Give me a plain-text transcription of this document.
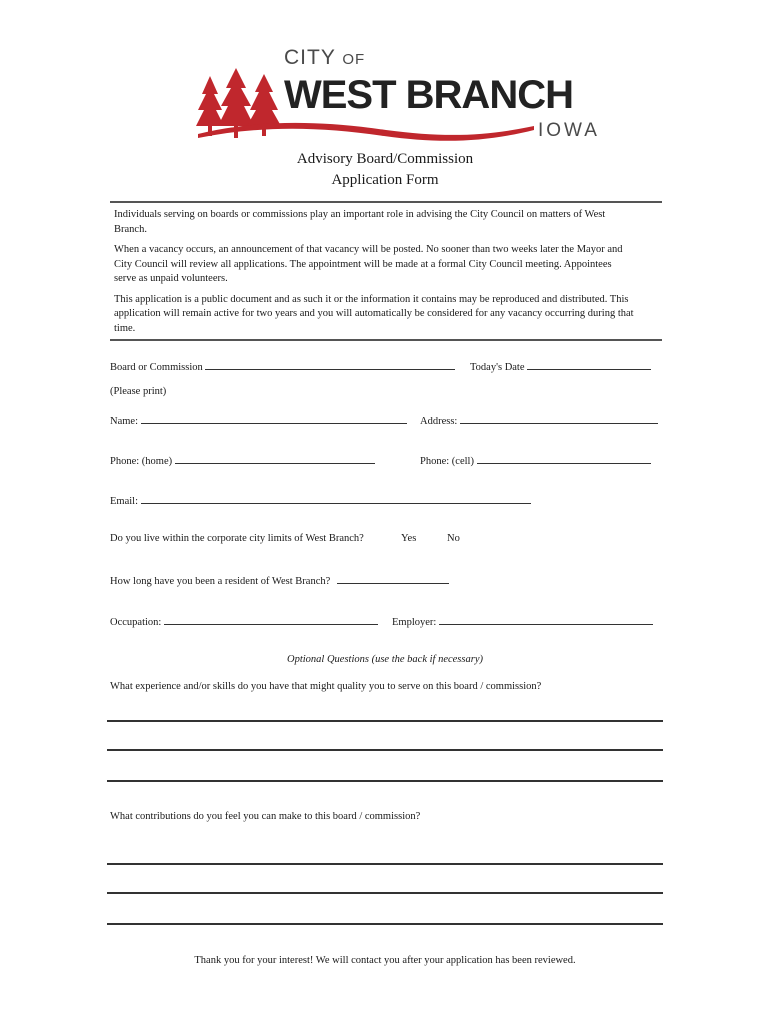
CITY OF
WEST BRANCH
IOWA
Advisory Board/Commission
Application Form

Individuals serving on boards or commissions play an important role in advising the City Council on matters of West Branch.

When a vacancy occurs, an announcement of that vacancy will be posted. No sooner than two weeks later the Mayor and City Council will review all applications. The appointment will be made at a formal City Council meeting. Appointees serve as unpaid volunteers.

This application is a public document and as such it or the information it contains may be reproduced and distributed. This application will remain active for two years and you will automatically be considered for any vacancy occurring during that time.

Board or Commission	Today's Date
(Please print)
Name:	Address:
Phone: (home)	Phone: (cell)
Email:
Do you live within the corporate city limits of West Branch?	Yes	No
How long have you been a resident of West Branch?
Occupation:	Employer:
Optional Questions (use the back if necessary)
What experience and/or skills do you have that might quality you to serve on this board / commission?
What contributions do you feel you can make to this board / commission?
Thank you for your interest! We will contact you after your application has been reviewed.
